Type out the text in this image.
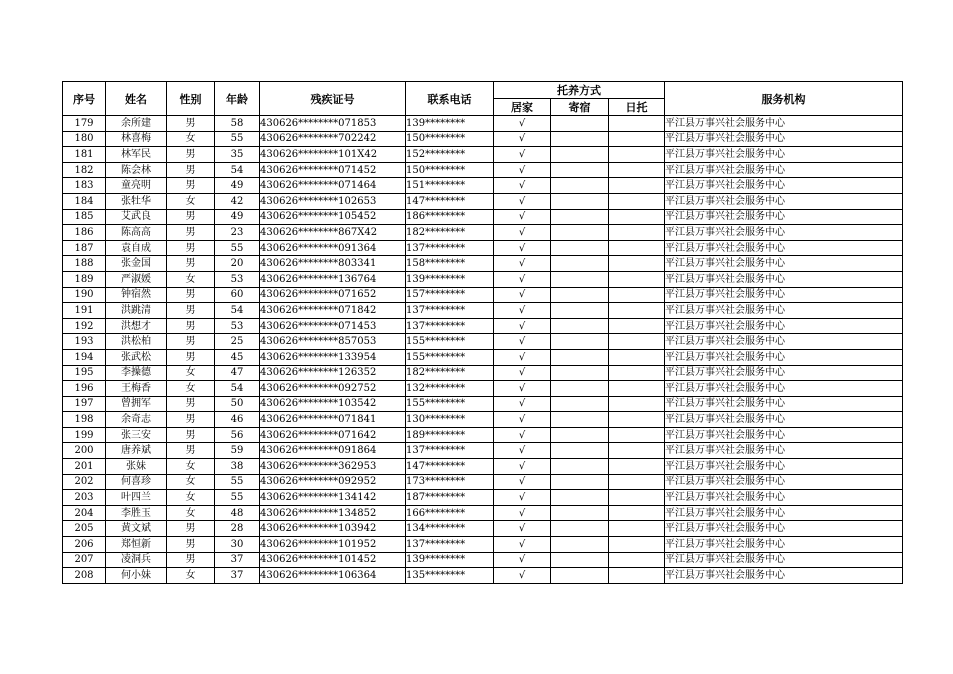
序号	姓名	性别	年龄	残疾证号	联系电话	托养方式			服务机构
						居家	寄宿	日托	
179	余所建	男	58	430626********071853	139********	√			平江县万事兴社会服务中心
180	林喜梅	女	55	430626********702242	150********	√			平江县万事兴社会服务中心
181	林军民	男	35	430626********101X42	152********	√			平江县万事兴社会服务中心
182	陈会林	男	54	430626********071452	150********	√			平江县万事兴社会服务中心
183	童亮明	男	49	430626********071464	151********	√			平江县万事兴社会服务中心
184	张牡华	女	42	430626********102653	147********	√			平江县万事兴社会服务中心
185	艾武良	男	49	430626********105452	186********	√			平江县万事兴社会服务中心
186	陈高高	男	23	430626********867X42	182********	√			平江县万事兴社会服务中心
187	袁自成	男	55	430626********091364	137********	√			平江县万事兴社会服务中心
188	张金国	男	20	430626********803341	158********	√			平江县万事兴社会服务中心
189	严淑媛	女	53	430626********136764	139********	√			平江县万事兴社会服务中心
190	钟宿然	男	60	430626********071652	157********	√			平江县万事兴社会服务中心
191	洪跳清	男	54	430626********071842	137********	√			平江县万事兴社会服务中心
192	洪想才	男	53	430626********071453	137********	√			平江县万事兴社会服务中心
193	洪松柏	男	25	430626********857053	155********	√			平江县万事兴社会服务中心
194	张武松	男	45	430626********133954	155********	√			平江县万事兴社会服务中心
195	李操德	女	47	430626********126352	182********	√			平江县万事兴社会服务中心
196	王梅香	女	54	430626********092752	132********	√			平江县万事兴社会服务中心
197	曾拥军	男	50	430626********103542	155********	√			平江县万事兴社会服务中心
198	余奇志	男	46	430626********071841	130********	√			平江县万事兴社会服务中心
199	张三安	男	56	430626********071642	189********	√			平江县万事兴社会服务中心
200	唐养斌	男	59	430626********091864	137********	√			平江县万事兴社会服务中心
201	张妹	女	38	430626********362953	147********	√			平江县万事兴社会服务中心
202	何喜珍	女	55	430626********092952	173********	√			平江县万事兴社会服务中心
203	叶四兰	女	55	430626********134142	187********	√			平江县万事兴社会服务中心
204	李胜玉	女	48	430626********134852	166********	√			平江县万事兴社会服务中心
205	黄文斌	男	28	430626********103942	134********	√			平江县万事兴社会服务中心
206	郑恒新	男	30	430626********101952	137********	√			平江县万事兴社会服务中心
207	凌洞兵	男	37	430626********101452	139********	√			平江县万事兴社会服务中心
208	何小妹	女	37	430626********106364	135********	√			平江县万事兴社会服务中心
